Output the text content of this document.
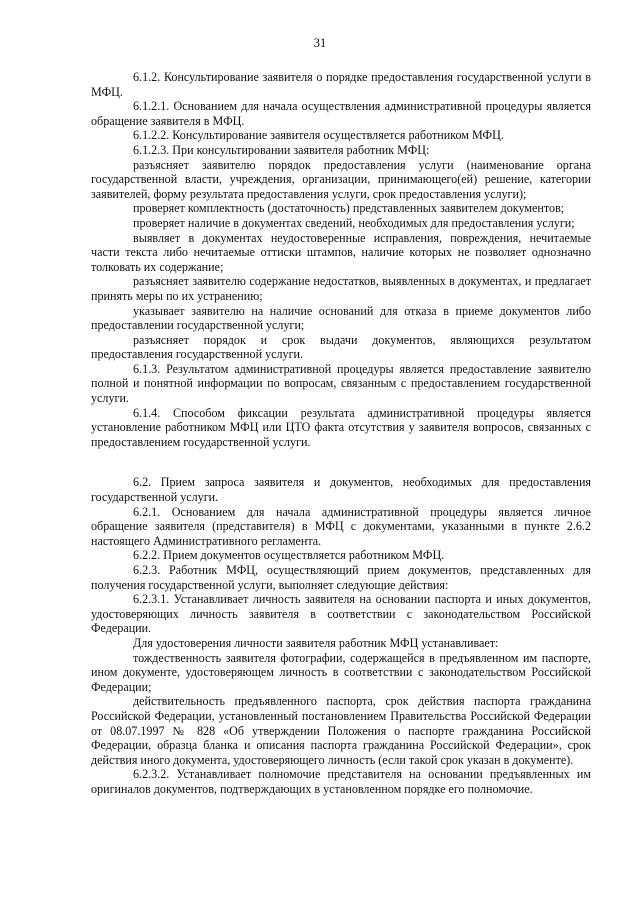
31

6.1.2. Консультирование заявителя о порядке предоставления государственной услуги в МФЦ.

6.1.2.1. Основанием для начала осуществления административной процедуры является обращение заявителя в МФЦ.

6.1.2.2. Консультирование заявителя осуществляется работником МФЦ.

6.1.2.3. При консультировании заявителя работник МФЦ:

разъясняет заявителю порядок предоставления услуги (наименование органа государственной власти, учреждения, организации, принимающего(ей) решение, категории заявителей, форму результата предоставления услуги, срок предоставления услуги);

проверяет комплектность (достаточность) представленных заявителем документов;

проверяет наличие в документах сведений, необходимых для предоставления услуги;

выявляет в документах неудостоверенные исправления, повреждения, нечитаемые части текста либо нечитаемые оттиски штампов, наличие которых не позволяет однозначно толковать их содержание;

разъясняет заявителю содержание недостатков, выявленных в документах, и предлагает принять меры по их устранению;

указывает заявителю на наличие оснований для отказа в приеме документов либо предоставлении государственной услуги;

разъясняет порядок и срок выдачи документов, являющихся результатом предоставления государственной услуги.

6.1.3. Результатом административной процедуры является предоставление заявителю полной и понятной информации по вопросам, связанным с предоставлением государственной услуги.

6.1.4. Способом фиксации результата административной процедуры является установление работником МФЦ или ЦТО факта отсутствия у заявителя вопросов, связанных с предоставлением государственной услуги.

6.2. Прием запроса заявителя и документов, необходимых для предоставления государственной услуги.

6.2.1. Основанием для начала административной процедуры является личное обращение заявителя (представителя) в МФЦ с документами, указанными в пункте 2.6.2 настоящего Административного регламента.

6.2.2. Прием документов осуществляется работником МФЦ.

6.2.3. Работник МФЦ, осуществляющий прием документов, представленных для получения государственной услуги, выполняет следующие действия:

6.2.3.1. Устанавливает личность заявителя на основании паспорта и иных документов, удостоверяющих личность заявителя в соответствии с законодательством Российской Федерации.

Для удостоверения личности заявителя работник МФЦ устанавливает:

тождественность заявителя фотографии, содержащейся в предъявленном им паспорте, ином документе, удостоверяющем личность в соответствии с законодательством Российской Федерации;

действительность предъявленного паспорта, срок действия паспорта гражданина Российской Федерации, установленный постановлением Правительства Российской Федерации от 08.07.1997 № 828 «Об утверждении Положения о паспорте гражданина Российской Федерации, образца бланка и описания паспорта гражданина Российской Федерации», срок действия иного документа, удостоверяющего личность (если такой срок указан в документе).

6.2.3.2. Устанавливает полномочие представителя на основании предъявленных им оригиналов документов, подтверждающих в установленном порядке его полномочие.
